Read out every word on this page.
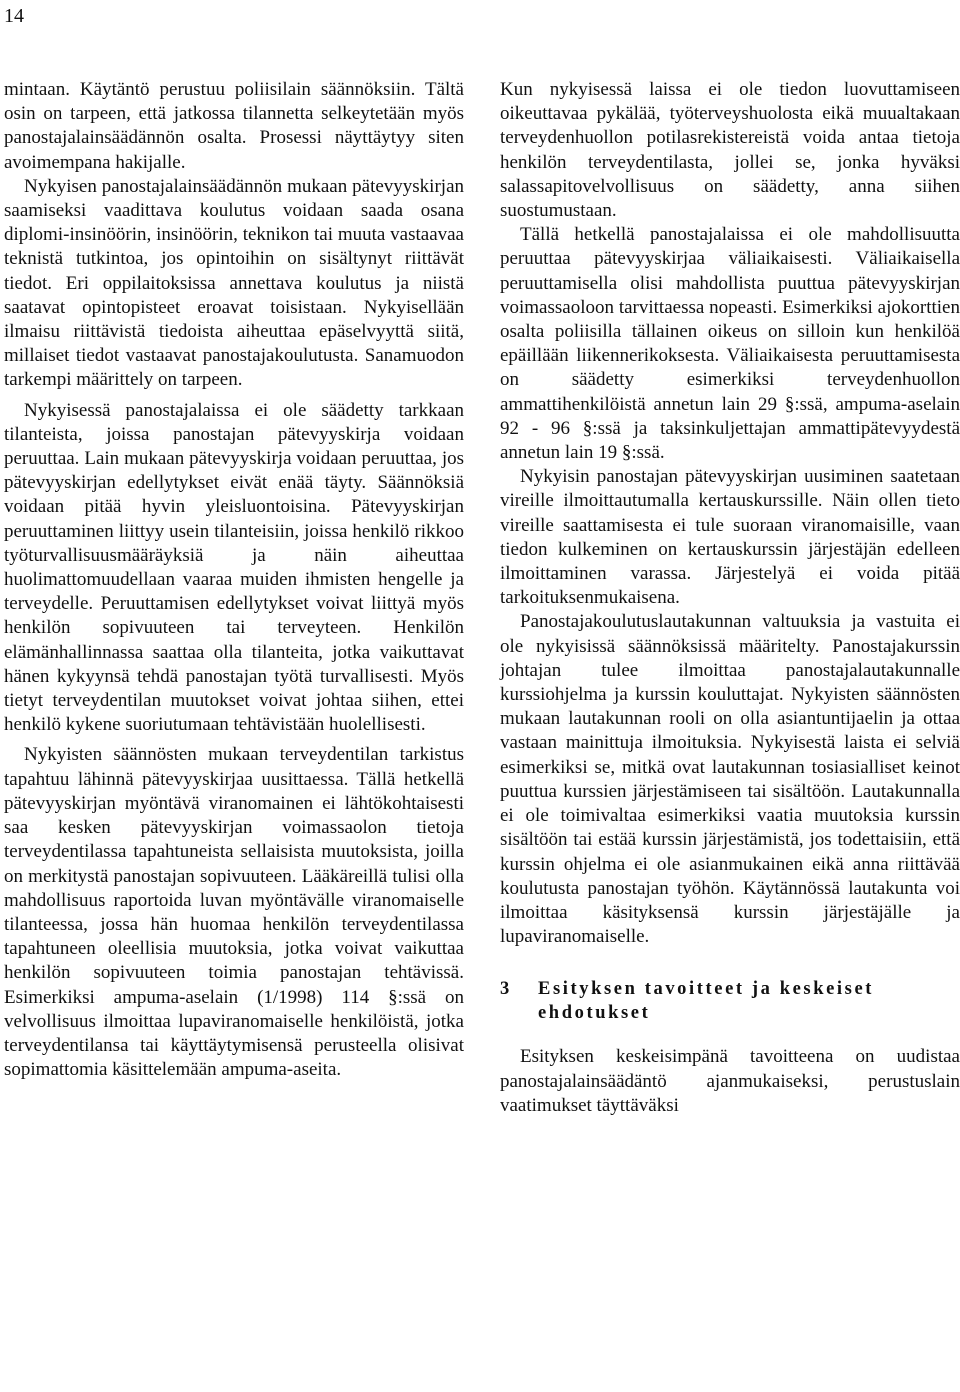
14

mintaan. Käytäntö perustuu poliisilain säännöksiin. Tältä osin on tarpeen, että jatkossa tilannetta selkeytetään myös panostajalainsäädännön osalta. Prosessi näyttäytyy siten avoimempana hakijalle.

Nykyisen panostajalainsäädännön mukaan pätevyyskirjan saamiseksi vaadittava koulutus voidaan saada osana diplomi-insinöörin, insinöörin, teknikon tai muuta vastaavaa teknistä tutkintoa, jos opintoihin on sisältynyt riittävät tiedot. Eri oppilaitoksissa annettava koulutus ja niistä saatavat opintopisteet eroavat toisistaan. Nykyisellään ilmaisu riittävistä tiedoista aiheuttaa epäselvyyttä siitä, millaiset tiedot vastaavat panostajakoulutusta. Sanamuodon tarkempi määrittely on tarpeen.

Nykyisessä panostajalaissa ei ole säädetty tarkkaan tilanteista, joissa panostajan pätevyyskirja voidaan peruuttaa. Lain mukaan pätevyyskirja voidaan peruuttaa, jos pätevyyskirjan edellytykset eivät enää täyty. Säännöksiä voidaan pitää hyvin yleisluontoisina. Pätevyyskirjan peruuttaminen liittyy usein tilanteisiin, joissa henkilö rikkoo työturvallisuusmääräyksiä ja näin aiheuttaa huolimattomuudellaan vaaraa muiden ihmisten hengelle ja terveydelle. Peruuttamisen edellytykset voivat liittyä myös henkilön sopivuuteen tai terveyteen. Henkilön elämänhallinnassa saattaa olla tilanteita, jotka vaikuttavat hänen kykyynsä tehdä panostajan työtä turvallisesti. Myös tietyt terveydentilan muutokset voivat johtaa siihen, ettei henkilö kykene suoriutumaan tehtävistään huolellisesti.

Nykyisten säännösten mukaan terveydentilan tarkistus tapahtuu lähinnä pätevyyskirjaa uusittaessa. Tällä hetkellä pätevyyskirjan myöntävä viranomainen ei lähtökohtaisesti saa kesken pätevyyskirjan voimassaolon tietoja terveydentilassa tapahtuneista sellaisista muutoksista, joilla on merkitystä panostajan sopivuuteen. Lääkäreillä tulisi olla mahdollisuus raportoida luvan myöntävälle viranomaiselle tilanteessa, jossa hän huomaa henkilön terveydentilassa tapahtuneen oleellisia muutoksia, jotka voivat vaikuttaa henkilön sopivuuteen toimia panostajan tehtävissä. Esimerkiksi ampuma-aselain (1/1998) 114 §:ssä on velvollisuus ilmoittaa lupaviranomaiselle henkilöistä, jotka terveydentilansa tai käyttäytymisensä perusteella olisivat sopimattomia käsittelemään ampuma-aseita.

Kun nykyisessä laissa ei ole tiedon luovuttamiseen oikeuttavaa pykälää, työterveyshuolosta eikä muualtakaan terveydenhuollon potilasrekistereistä voida antaa tietoja henkilön terveydentilasta, jollei se, jonka hyväksi salassapitovelvollisuus on säädetty, anna siihen suostumustaan.

Tällä hetkellä panostajalaissa ei ole mahdollisuutta peruuttaa pätevyyskirjaa väliaikaisesti. Väliaikaisella peruuttamisella olisi mahdollista puuttua pätevyyskirjan voimassaoloon tarvittaessa nopeasti. Esimerkiksi ajokorttien osalta poliisilla tällainen oikeus on silloin kun henkilöä epäillään liikennerikoksesta. Väliaikaisesta peruuttamisesta on säädetty esimerkiksi terveydenhuollon ammattihenkilöistä annetun lain 29 §:ssä, ampuma-aselain 92 - 96 §:ssä ja taksinkuljettajan ammattipätevyydestä annetun lain 19 §:ssä.

Nykyisin panostajan pätevyyskirjan uusiminen saatetaan vireille ilmoittautumalla kertauskurssille. Näin ollen tieto vireille saattamisesta ei tule suoraan viranomaisille, vaan tiedon kulkeminen on kertauskurssin järjestäjän edelleen ilmoittaminen varassa. Järjestelyä ei voida pitää tarkoituksenmukaisena.

Panostajakoulutuslautakunnan valtuuksia ja vastuita ei ole nykyisissä säännöksissä määritelty. Panostajakurssin johtajan tulee ilmoittaa panostajalautakunnalle kurssiohjelma ja kurssin kouluttajat. Nykyisten säännösten mukaan lautakunnan rooli on olla asiantuntijaelin ja ottaa vastaan mainittuja ilmoituksia. Nykyisestä laista ei selviä esimerkiksi se, mitkä ovat lautakunnan tosiasialliset keinot puuttua kurssien järjestämiseen tai sisältöön. Lautakunnalla ei ole toimivaltaa esimerkiksi vaatia muutoksia kurssin sisältöön tai estää kurssin järjestämistä, jos todettaisiin, että kurssin ohjelma ei ole asianmukainen eikä anna riittävää koulutusta panostajan työhön. Käytännössä lautakunta voi ilmoittaa käsityksensä kurssin järjestäjälle ja lupaviranomaiselle.

3	Esityksen tavoitteet ja keskeiset ehdotukset

Esityksen keskeisimpänä tavoitteena on uudistaa panostajalainsäädäntö ajanmukaiseksi, perustuslain vaatimukset täyttäväksi
